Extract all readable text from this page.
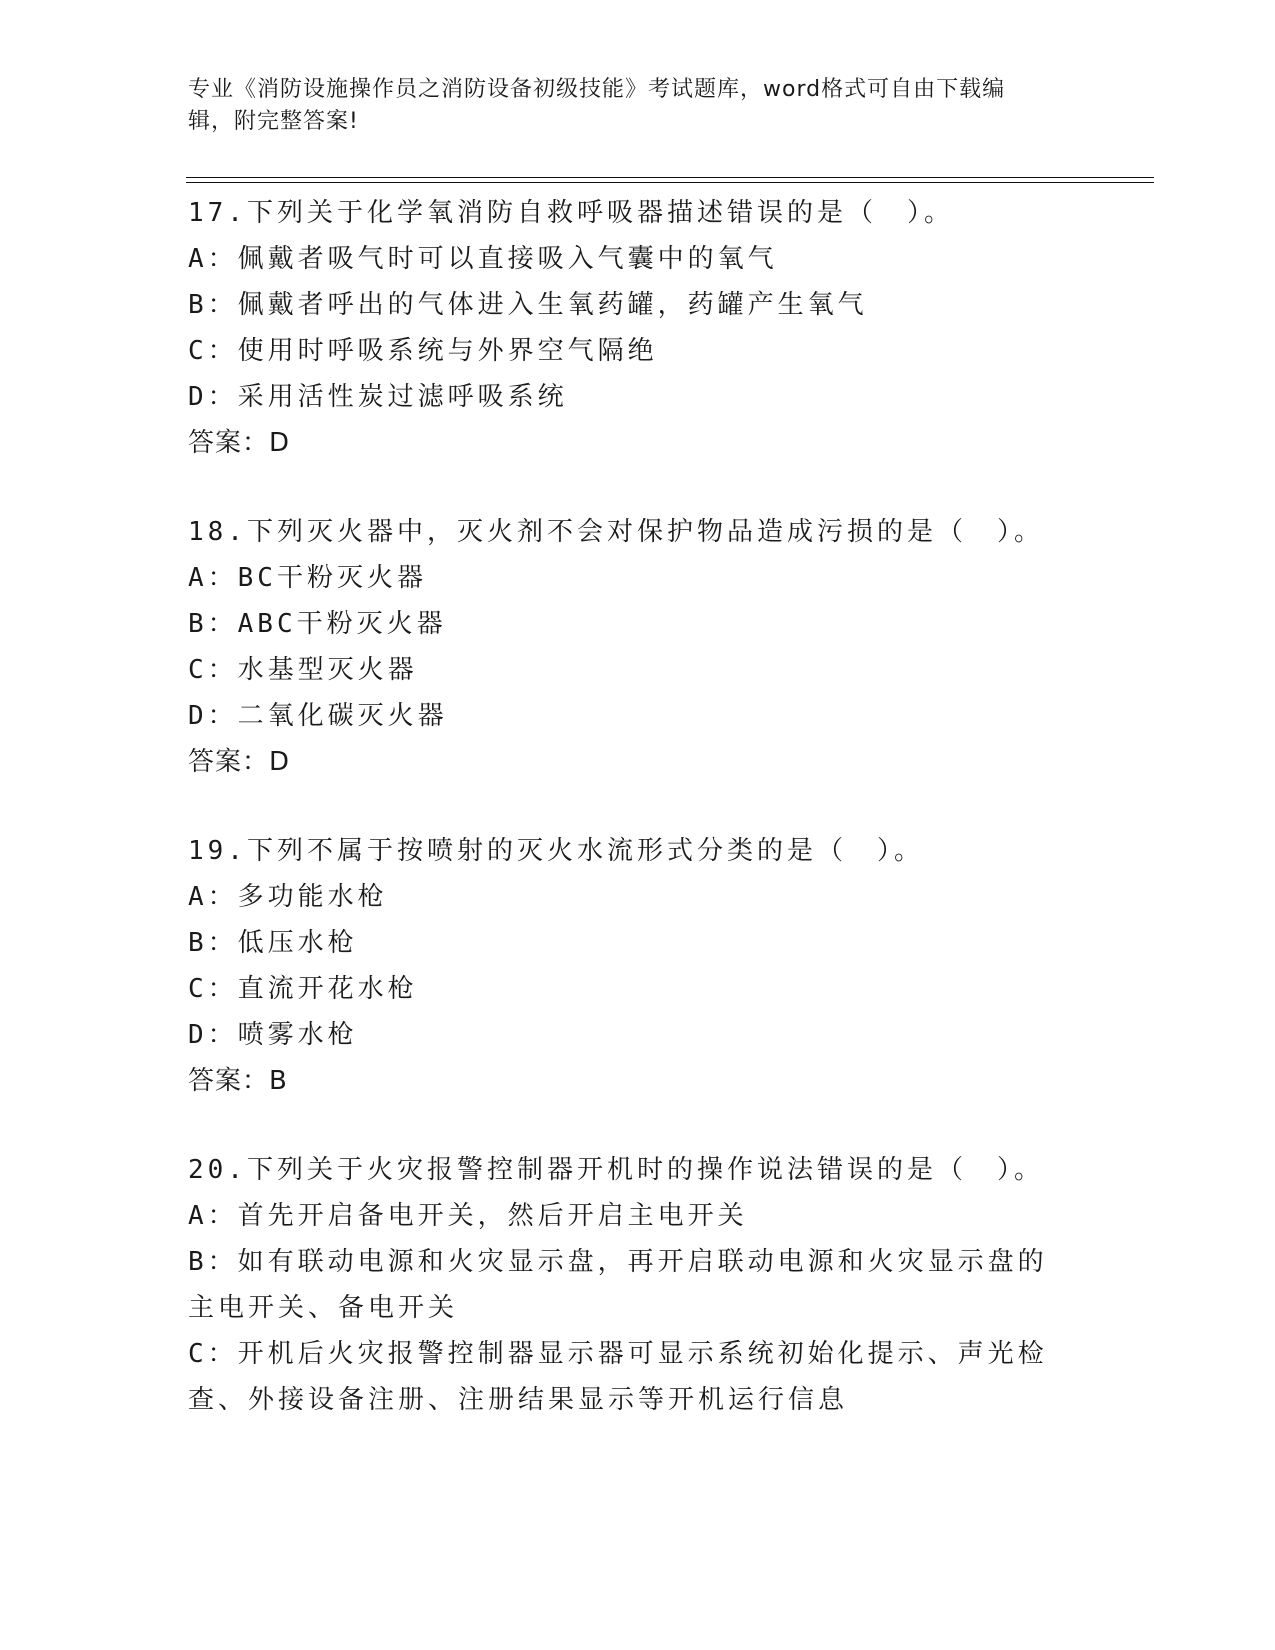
专业《消防设施操作员之消防设备初级技能》考试题库，word格式可自由下载编
辑，附完整答案!
17.下列关于化学氧消防自救呼吸器描述错误的是（　）。
A： 佩戴者吸气时可以直接吸入气囊中的氧气
B： 佩戴者呼出的气体进入生氧药罐，药罐产生氧气
C： 使用时呼吸系统与外界空气隔绝
D： 采用活性炭过滤呼吸系统
答案：D
18.下列灭火器中，灭火剂不会对保护物品造成污损的是（　）。
A： BC干粉灭火器
B： ABC干粉灭火器
C： 水基型灭火器
D： 二氧化碳灭火器
答案：D
19.下列不属于按喷射的灭火水流形式分类的是（　）。
A： 多功能水枪
B： 低压水枪
C： 直流开花水枪
D： 喷雾水枪
答案：B
20.下列关于火灾报警控制器开机时的操作说法错误的是（　）。
A：首先开启备电开关，然后开启主电开关
B：如有联动电源和火灾显示盘，再开启联动电源和火灾显示盘的主电开关、备电开关
C：开机后火灾报警控制器显示器可显示系统初始化提示、声光检查、外接设备注册、注册结果显示等开机运行信息
